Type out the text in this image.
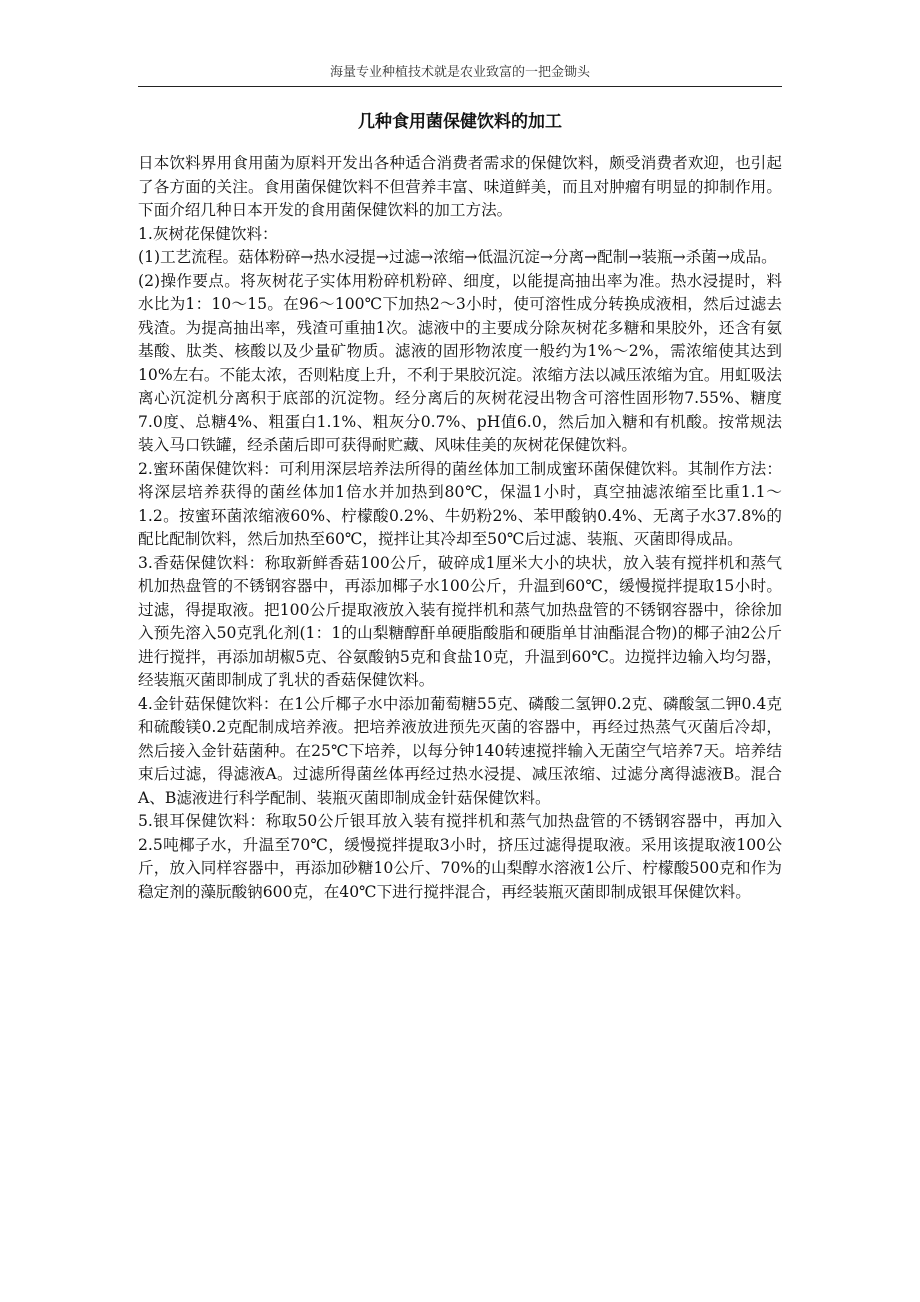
海量专业种植技术就是农业致富的一把金锄头
几种食用菌保健饮料的加工

日本饮料界用食用菌为原料开发出各种适合消费者需求的保健饮料，颇受消费者欢迎，也引起了各方面的关注。食用菌保健饮料不但营养丰富、味道鲜美，而且对肿瘤有明显的抑制作用。下面介绍几种日本开发的食用菌保健饮料的加工方法。

1.灰树花保健饮料：

(1)工艺流程。菇体粉碎→热水浸提→过滤→浓缩→低温沉淀→分离→配制→装瓶→杀菌→成品。

(2)操作要点。将灰树花子实体用粉碎机粉碎、细度，以能提高抽出率为准。热水浸提时，料水比为1：10～15。在96～100℃下加热2～3小时，使可溶性成分转换成液相，然后过滤去残渣。为提高抽出率，残渣可重抽1次。滤液中的主要成分除灰树花多糖和果胶外，还含有氨基酸、肽类、核酸以及少量矿物质。滤液的固形物浓度一般约为1%～2%，需浓缩使其达到10%左右。不能太浓，否则粘度上升，不利于果胶沉淀。浓缩方法以减压浓缩为宜。用虹吸法离心沉淀机分离积于底部的沉淀物。经分离后的灰树花浸出物含可溶性固形物7.55%、糖度7.0度、总糖4%、粗蛋白1.1%、粗灰分0.7%、pH值6.0，然后加入糖和有机酸。按常规法装入马口铁罐，经杀菌后即可获得耐贮藏、风味佳美的灰树花保健饮料。

2.蜜环菌保健饮料：可利用深层培养法所得的菌丝体加工制成蜜环菌保健饮料。其制作方法：将深层培养获得的菌丝体加1倍水并加热到80℃，保温1小时，真空抽滤浓缩至比重1.1～1.2。按蜜环菌浓缩液60%、柠檬酸0.2%、牛奶粉2%、苯甲酸钠0.4%、无离子水37.8%的配比配制饮料，然后加热至60℃，搅拌让其冷却至50℃后过滤、装瓶、灭菌即得成品。

3.香菇保健饮料：称取新鲜香菇100公斤，破碎成1厘米大小的块状，放入装有搅拌机和蒸气机加热盘管的不锈钢容器中，再添加椰子水100公斤，升温到60℃，缓慢搅拌提取15小时。过滤，得提取液。把100公斤提取液放入装有搅拌机和蒸气加热盘管的不锈钢容器中，徐徐加入预先溶入50克乳化剂(1：1的山梨糖醇酐单硬脂酸脂和硬脂单甘油酯混合物)的椰子油2公斤进行搅拌，再添加胡椒5克、谷氨酸钠5克和食盐10克，升温到60℃。边搅拌边输入均匀器，经装瓶灭菌即制成了乳状的香菇保健饮料。

4.金针菇保健饮料：在1公斤椰子水中添加葡萄糖55克、磷酸二氢钾0.2克、磷酸氢二钾0.4克和硫酸镁0.2克配制成培养液。把培养液放进预先灭菌的容器中，再经过热蒸气灭菌后冷却，然后接入金针菇菌种。在25℃下培养，以每分钟140转速搅拌输入无菌空气培养7天。培养结束后过滤，得滤液A。过滤所得菌丝体再经过热水浸提、减压浓缩、过滤分离得滤液B。混合A、B滤液进行科学配制、装瓶灭菌即制成金针菇保健饮料。

5.银耳保健饮料：称取50公斤银耳放入装有搅拌机和蒸气加热盘管的不锈钢容器中，再加入2.5吨椰子水，升温至70℃，缓慢搅拌提取3小时，挤压过滤得提取液。采用该提取液100公斤，放入同样容器中，再添加砂糖10公斤、70%的山梨醇水溶液1公斤、柠檬酸500克和作为稳定剂的藻朊酸钠600克，在40℃下进行搅拌混合，再经装瓶灭菌即制成银耳保健饮料。
